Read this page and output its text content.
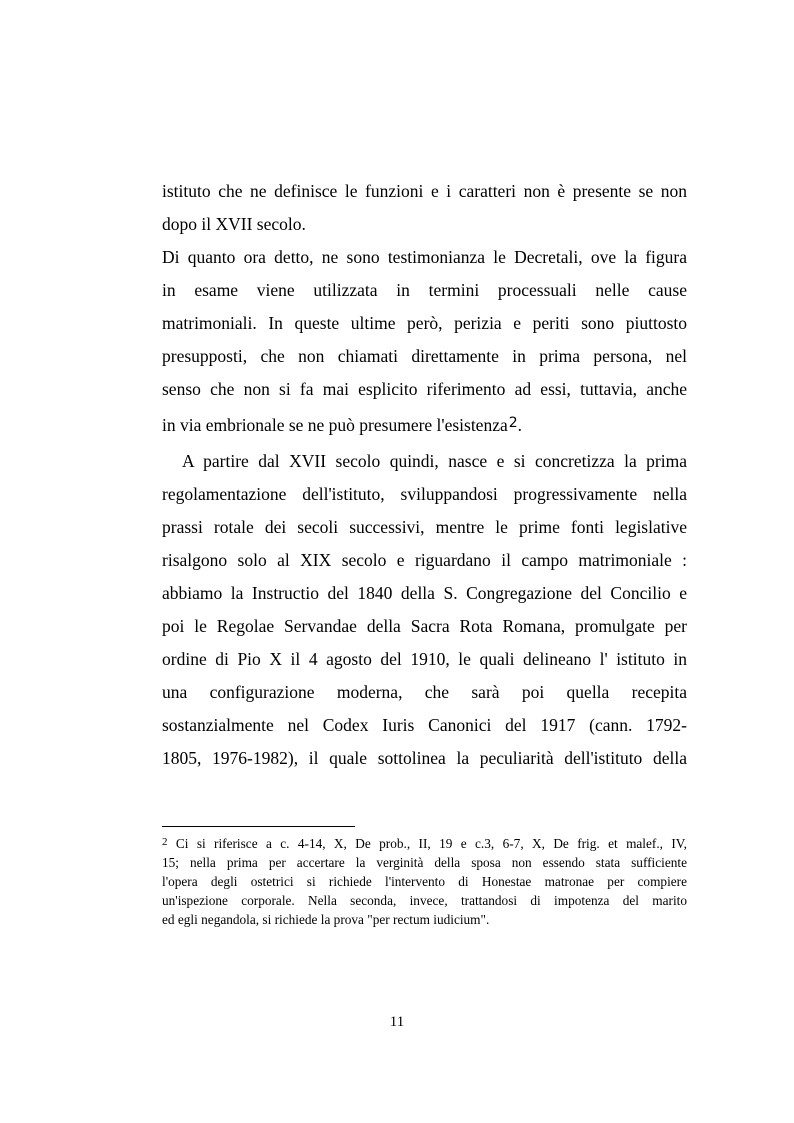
istituto che ne definisce le funzioni e i caratteri non è presente se non
dopo il XVII secolo.
Di quanto ora detto, ne sono testimonianza le Decretali, ove la figura
in esame viene utilizzata in termini processuali nelle cause
matrimoniali. In queste ultime però, perizia e periti sono piuttosto
presupposti, che non chiamati direttamente in prima persona, nel
senso che non si fa mai esplicito riferimento ad essi, tuttavia, anche
in via embrionale se ne può presumere l'esistenza$^2$.
A partire dal XVII secolo quindi, nasce e si concretizza la prima
regolamentazione dell'istituto, sviluppandosi progressivamente nella
prassi rotale dei secoli successivi, mentre le prime fonti legislative
risalgono solo al XIX secolo e riguardano il campo matrimoniale :
abbiamo la Instructio del 1840 della S. Congregazione del Concilio e
poi le Regolae Servandae della Sacra Rota Romana, promulgate per
ordine di Pio X il 4 agosto del 1910, le quali delineano l' istituto in
una configurazione moderna, che sarà poi quella recepita
sostanzialmente nel Codex Iuris Canonici del 1917 (cann. 1792-
1805, 1976-1982), il quale sottolinea la peculiarità dell'istituto della
$^2$ Ci si riferisce a c. 4-14, X, De prob., II, 19 e c.3, 6-7, X, De frig. et malef., IV,
15; nella prima per accertare la verginità della sposa non essendo stata sufficiente
l'opera degli ostetrici si richiede l'intervento di Honestae matronae per compiere
un'ispezione corporale. Nella seconda, invece, trattandosi di impotenza del marito
ed egli negandola, si richiede la prova "per rectum iudicium".
11
